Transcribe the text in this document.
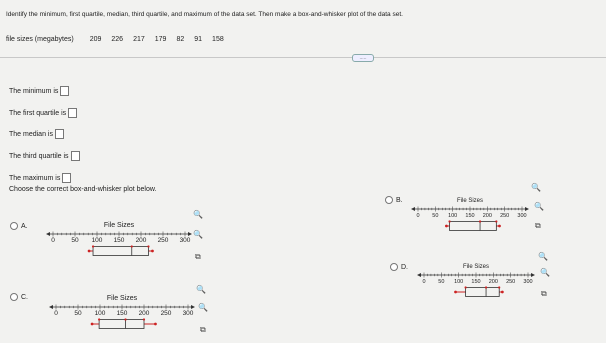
Identify the minimum, first quartile, median, third quartile, and maximum of the data set. Then make a box-and-whisker plot of the data set.
file sizes (megabytes) 209 226 217 179 82 91 158
.....
The minimum is
The first quartile is
The median is
The third quartile is
The maximum is
Choose the correct box-and-whisker plot below.
A.	File Sizes
0	50 100 150 200 250 300
🔍
🔍
⧉
C.	File Sizes
0	50 100 150 200 250 300
🔍
🔍
⧉
B.	File Sizes
0 50 100 150 200 250 300
🔍
🔍
⧉
D.	File Sizes
0 50 100 150 200 250 300
🔍
🔍
⧉
